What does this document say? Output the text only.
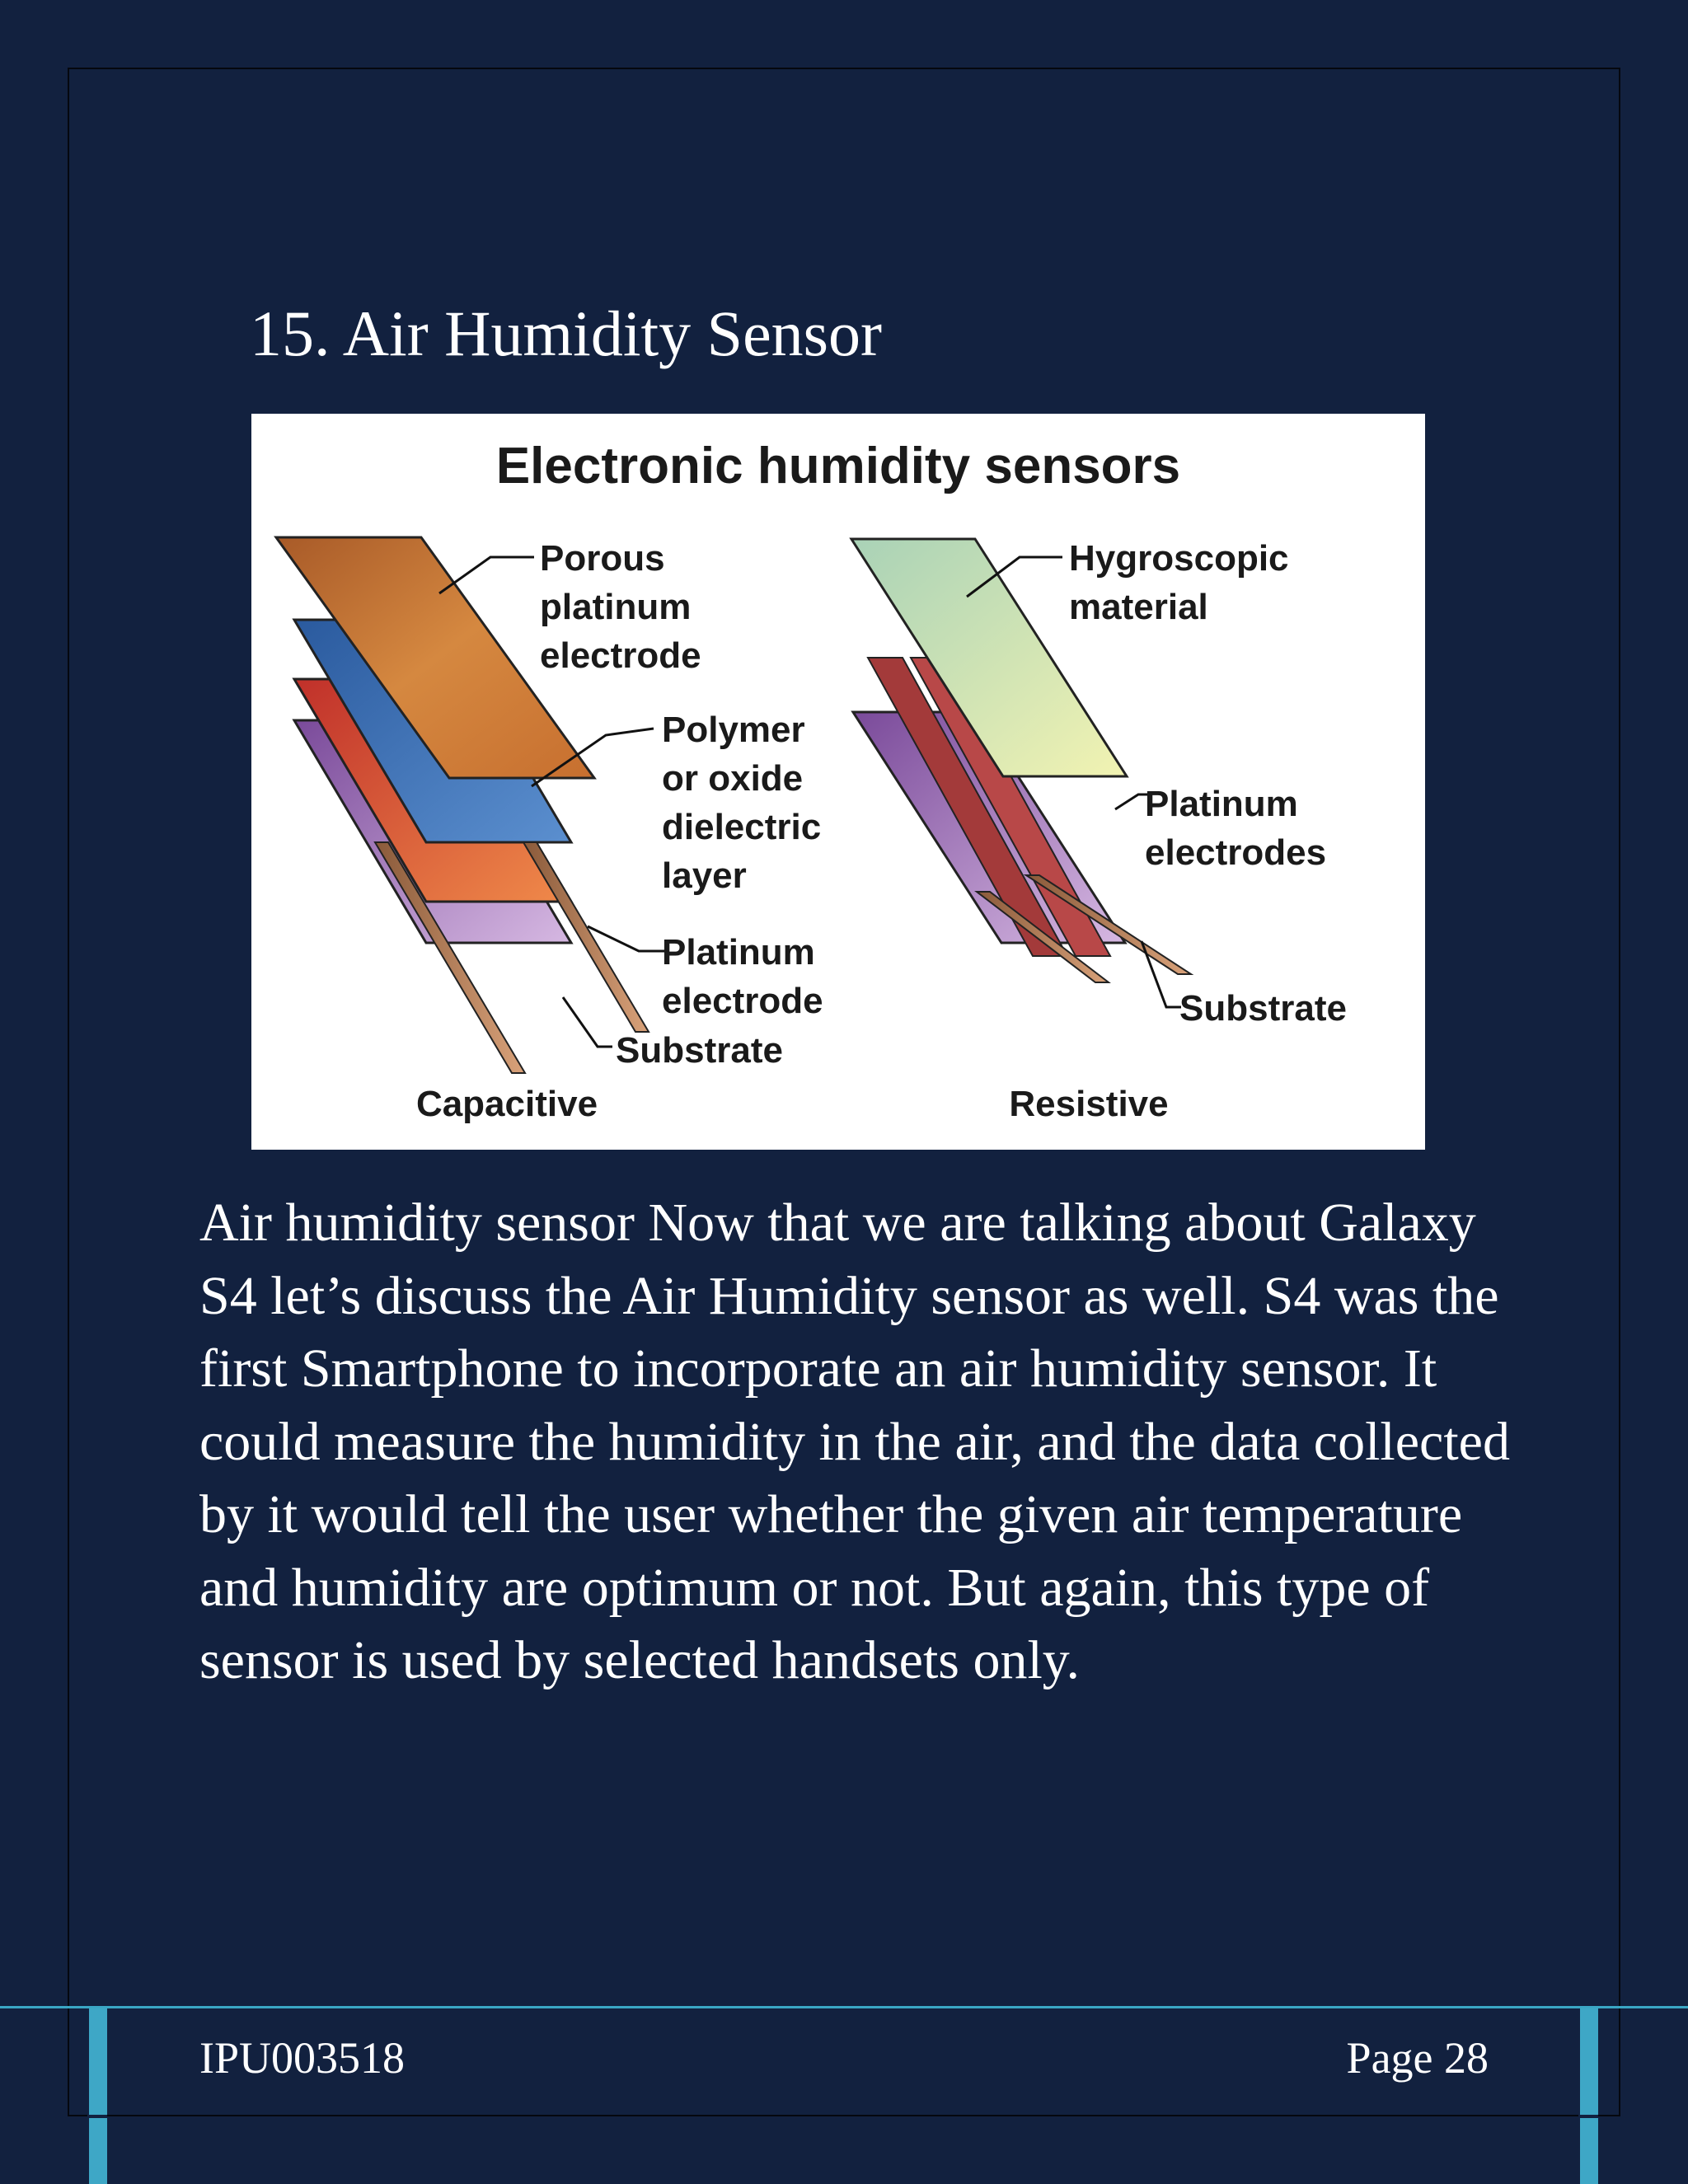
15. Air Humidity Sensor
Electronic humidity sensors
Porous platinum electrode
Polymer or oxide dielectric layer
Platinum electrode
Substrate
Capacitive
Hygroscopic material
Platinum electrodes
Substrate
Resistive

Air humidity sensor Now that we are talking about Galaxy S4 let’s discuss the Air Humidity sensor as well. S4 was the first Smartphone to incorporate an air humidity sensor. It could measure the humidity in the air, and the data collected by it would tell the user whether the given air temperature and humidity are optimum or not. But again, this type of sensor is used by selected handsets only.

IPU003518	Page 28
